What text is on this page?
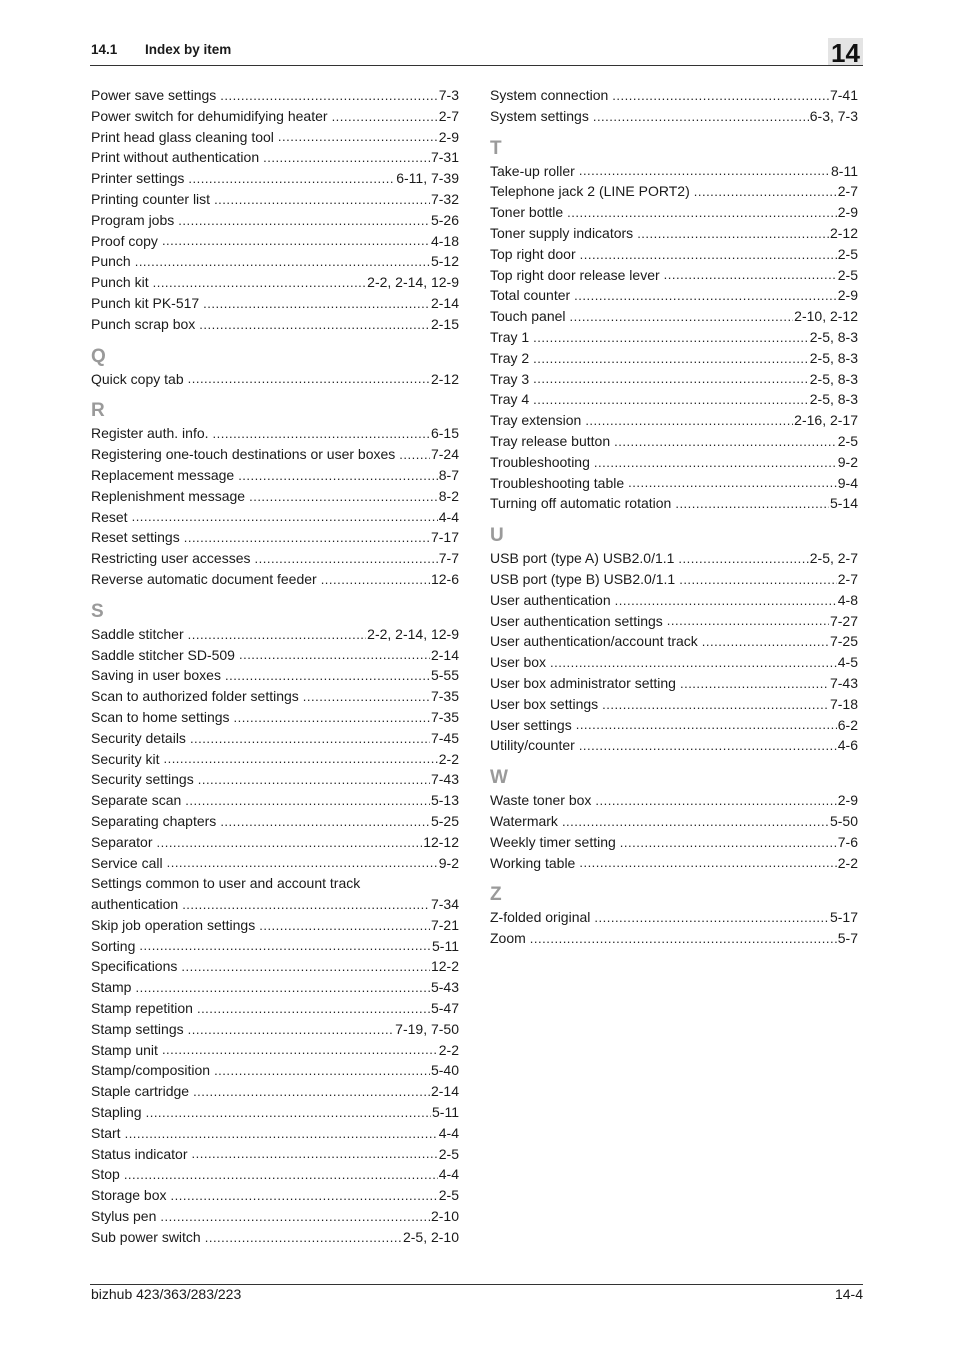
14.1 Index by item	14
Power save settings .....	7-3
Power switch for dehumidifying heater .....	2-7
Print head glass cleaning tool .....	2-9
Print without authentication .....	7-31
Printer settings .....	6-11, 7-39
Printing counter list .....	7-32
Program jobs .....	5-26
Proof copy .....	4-18
Punch .....	5-12
Punch kit .....	2-2, 2-14, 12-9
Punch kit PK-517 .....	2-14
Punch scrap box .....	2-15
Q
Quick copy tab .....	2-12
R
Register auth. info. .....	6-15
Registering one-touch destinations or user boxes .....	7-24
Replacement message .....	8-7
Replenishment message .....	8-2
Reset .....	4-4
Reset settings .....	7-17
Restricting user accesses .....	7-7
Reverse automatic document feeder .....	12-6
S
Saddle stitcher .....	2-2, 2-14, 12-9
Saddle stitcher SD-509 .....	2-14
Saving in user boxes .....	5-55
Scan to authorized folder settings .....	7-35
Scan to home settings .....	7-35
Security details .....	7-45
Security kit .....	2-2
Security settings .....	7-43
Separate scan .....	5-13
Separating chapters .....	5-25
Separator .....	12-12
Service call .....	9-2
Settings common to user and account track
authentication .....	7-34
Skip job operation settings .....	7-21
Sorting .....	5-11
Specifications .....	12-2
Stamp .....	5-43
Stamp repetition .....	5-47
Stamp settings .....	7-19, 7-50
Stamp unit .....	2-2
Stamp/composition .....	5-40
Staple cartridge .....	2-14
Stapling .....	5-11
Start .....	4-4
Status indicator .....	2-5
Stop .....	4-4
Storage box .....	2-5
Stylus pen .....	2-10
Sub power switch .....	2-5, 2-10
System connection .....	7-41
System settings .....	6-3, 7-3
T
Take-up roller .....	8-11
Telephone jack 2 (LINE PORT2) .....	2-7
Toner bottle .....	2-9
Toner supply indicators .....	2-12
Top right door .....	2-5
Top right door release lever .....	2-5
Total counter .....	2-9
Touch panel .....	2-10, 2-12
Tray 1 .....	2-5, 8-3
Tray 2 .....	2-5, 8-3
Tray 3 .....	2-5, 8-3
Tray 4 .....	2-5, 8-3
Tray extension .....	2-16, 2-17
Tray release button .....	2-5
Troubleshooting .....	9-2
Troubleshooting table .....	9-4
Turning off automatic rotation .....	5-14
U
USB port (type A) USB2.0/1.1 .....	2-5, 2-7
USB port (type B) USB2.0/1.1 .....	2-7
User authentication .....	4-8
User authentication settings .....	7-27
User authentication/account track .....	7-25
User box .....	4-5
User box administrator setting .....	7-43
User box settings .....	7-18
User settings .....	6-2
Utility/counter .....	4-6
W
Waste toner box .....	2-9
Watermark .....	5-50
Weekly timer setting .....	7-6
Working table .....	2-2
Z
Z-folded original .....	5-17
Zoom .....	5-7
bizhub 423/363/283/223	14-4
